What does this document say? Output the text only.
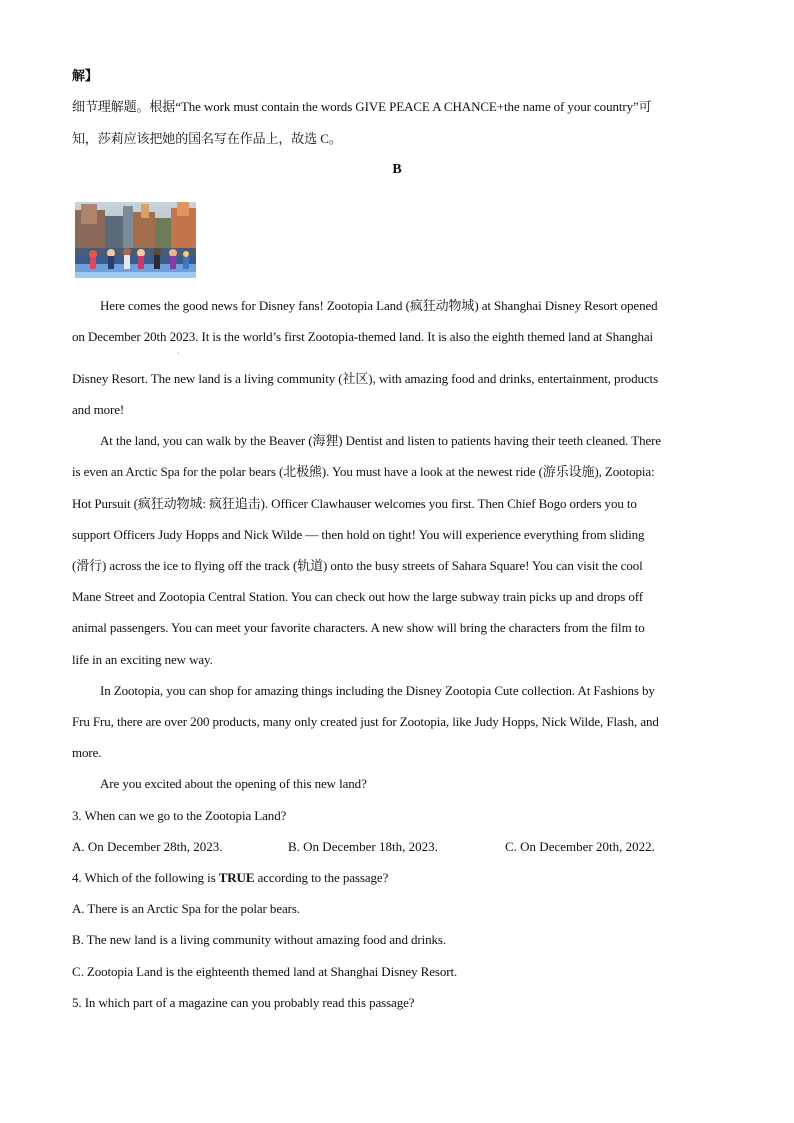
解】
细节理解题。根据“The work must contain the words GIVE PEACE A CHANCE+the name of your country”可
知，莎莉应该把她的国名写在作品上，故选 C。
B
Here comes the good news for Disney fans! Zootopia Land (疯狂动物城) at Shanghai Disney Resort opened
on December 20th 2023. It is the world’s first Zootopia-themed land. It is also the eighth themed land at Shanghai
ˌ
Disney Resort. The new land is a living community (社区), with amazing food and drinks, entertainment, products
and more!
At the land, you can walk by the Beaver (海狸) Dentist and listen to patients having their teeth cleaned. There
is even an Arctic Spa for the polar bears (北极熊). You must have a look at the newest ride (游乐设施), Zootopia:
Hot Pursuit (疯狂动物城: 疯狂追击). Officer Clawhauser welcomes you first. Then Chief Bogo orders you to
support Officers Judy Hopps and Nick Wilde — then hold on tight! You will experience everything from sliding
(滑行) across the ice to flying off the track (轨道) onto the busy streets of Sahara Square! You can visit the cool
Mane Street and Zootopia Central Station. You can check out how the large subway train picks up and drops off
animal passengers. You can meet your favorite characters. A new show will bring the characters from the film to
life in an exciting new way.
In Zootopia, you can shop for amazing things including the Disney Zootopia Cute collection. At Fashions by
Fru Fru, there are over 200 products, many only created just for Zootopia, like Judy Hopps, Nick Wilde, Flash, and
more.
Are you excited about the opening of this new land?
3. When can we go to the Zootopia Land?
A. On December 28th, 2023.	B. On December 18th, 2023.	C. On December 20th, 2022.
4. Which of the following is TRUE according to the passage?
A. There is an Arctic Spa for the polar bears.
B. The new land is a living community without amazing food and drinks.
C. Zootopia Land is the eighteenth themed land at Shanghai Disney Resort.
5. In which part of a magazine can you probably read this passage?
